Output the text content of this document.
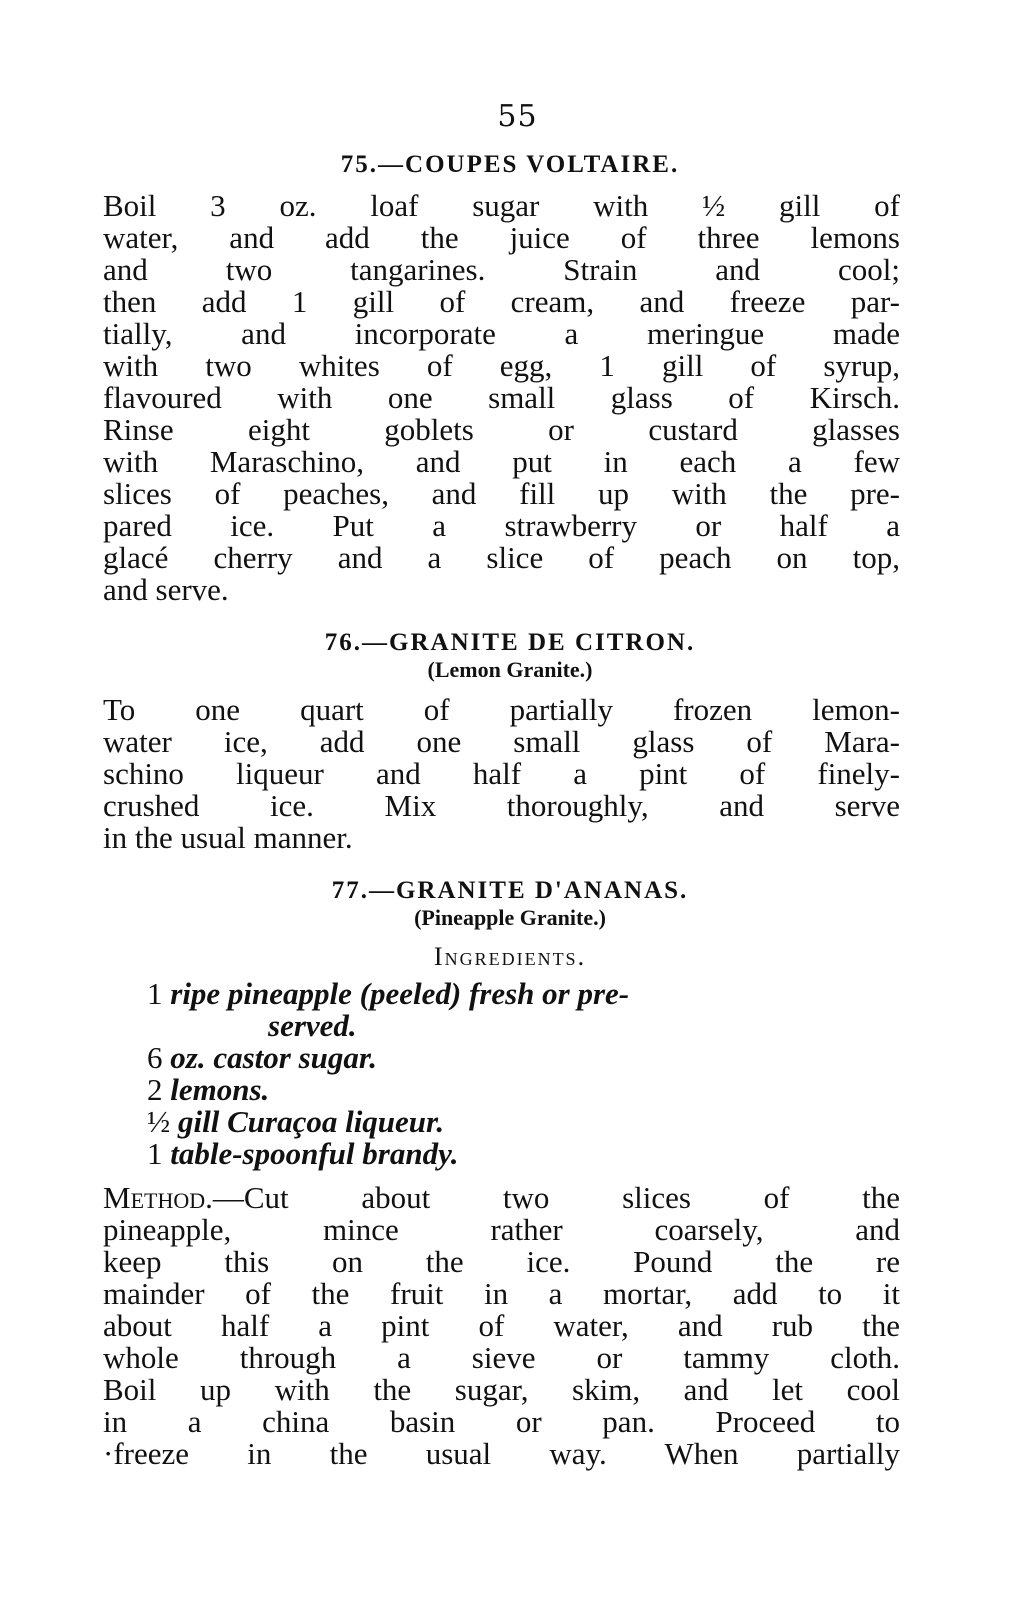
55
75.—COUPES VOLTAIRE.
Boil 3 oz. loaf sugar with ½ gill of
water, and add the juice of three lemons
and two tangarines. Strain and cool;
then add 1 gill of cream, and freeze par-
tially, and incorporate a meringue made
with two whites of egg, 1 gill of syrup,
flavoured with one small glass of Kirsch.
Rinse eight goblets or custard glasses
with Maraschino, and put in each a few
slices of peaches, and fill up with the pre-
pared ice. Put a strawberry or half a
glacé cherry and a slice of peach on top,
and serve.
76.—GRANITE DE CITRON.
(Lemon Granite.)
To one quart of partially frozen lemon-
water ice, add one small glass of Mara-
schino liqueur and half a pint of finely-
crushed ice. Mix thoroughly, and serve
in the usual manner.
77.—GRANITE D'ANANAS.
(Pineapple Granite.)
Ingredients.
1 ripe pineapple (peeled) fresh or pre-
served.
6 oz. castor sugar.
2 lemons.
½ gill Curaçoa liqueur.
1 table-spoonful brandy.
Method.—Cut about two slices of the
pineapple, mince rather coarsely, and
keep this on the ice. Pound the re
mainder of the fruit in a mortar, add to it
about half a pint of water, and rub the
whole through a sieve or tammy cloth.
Boil up with the sugar, skim, and let cool
in a china basin or pan. Proceed to
·freeze in the usual way. When partially
